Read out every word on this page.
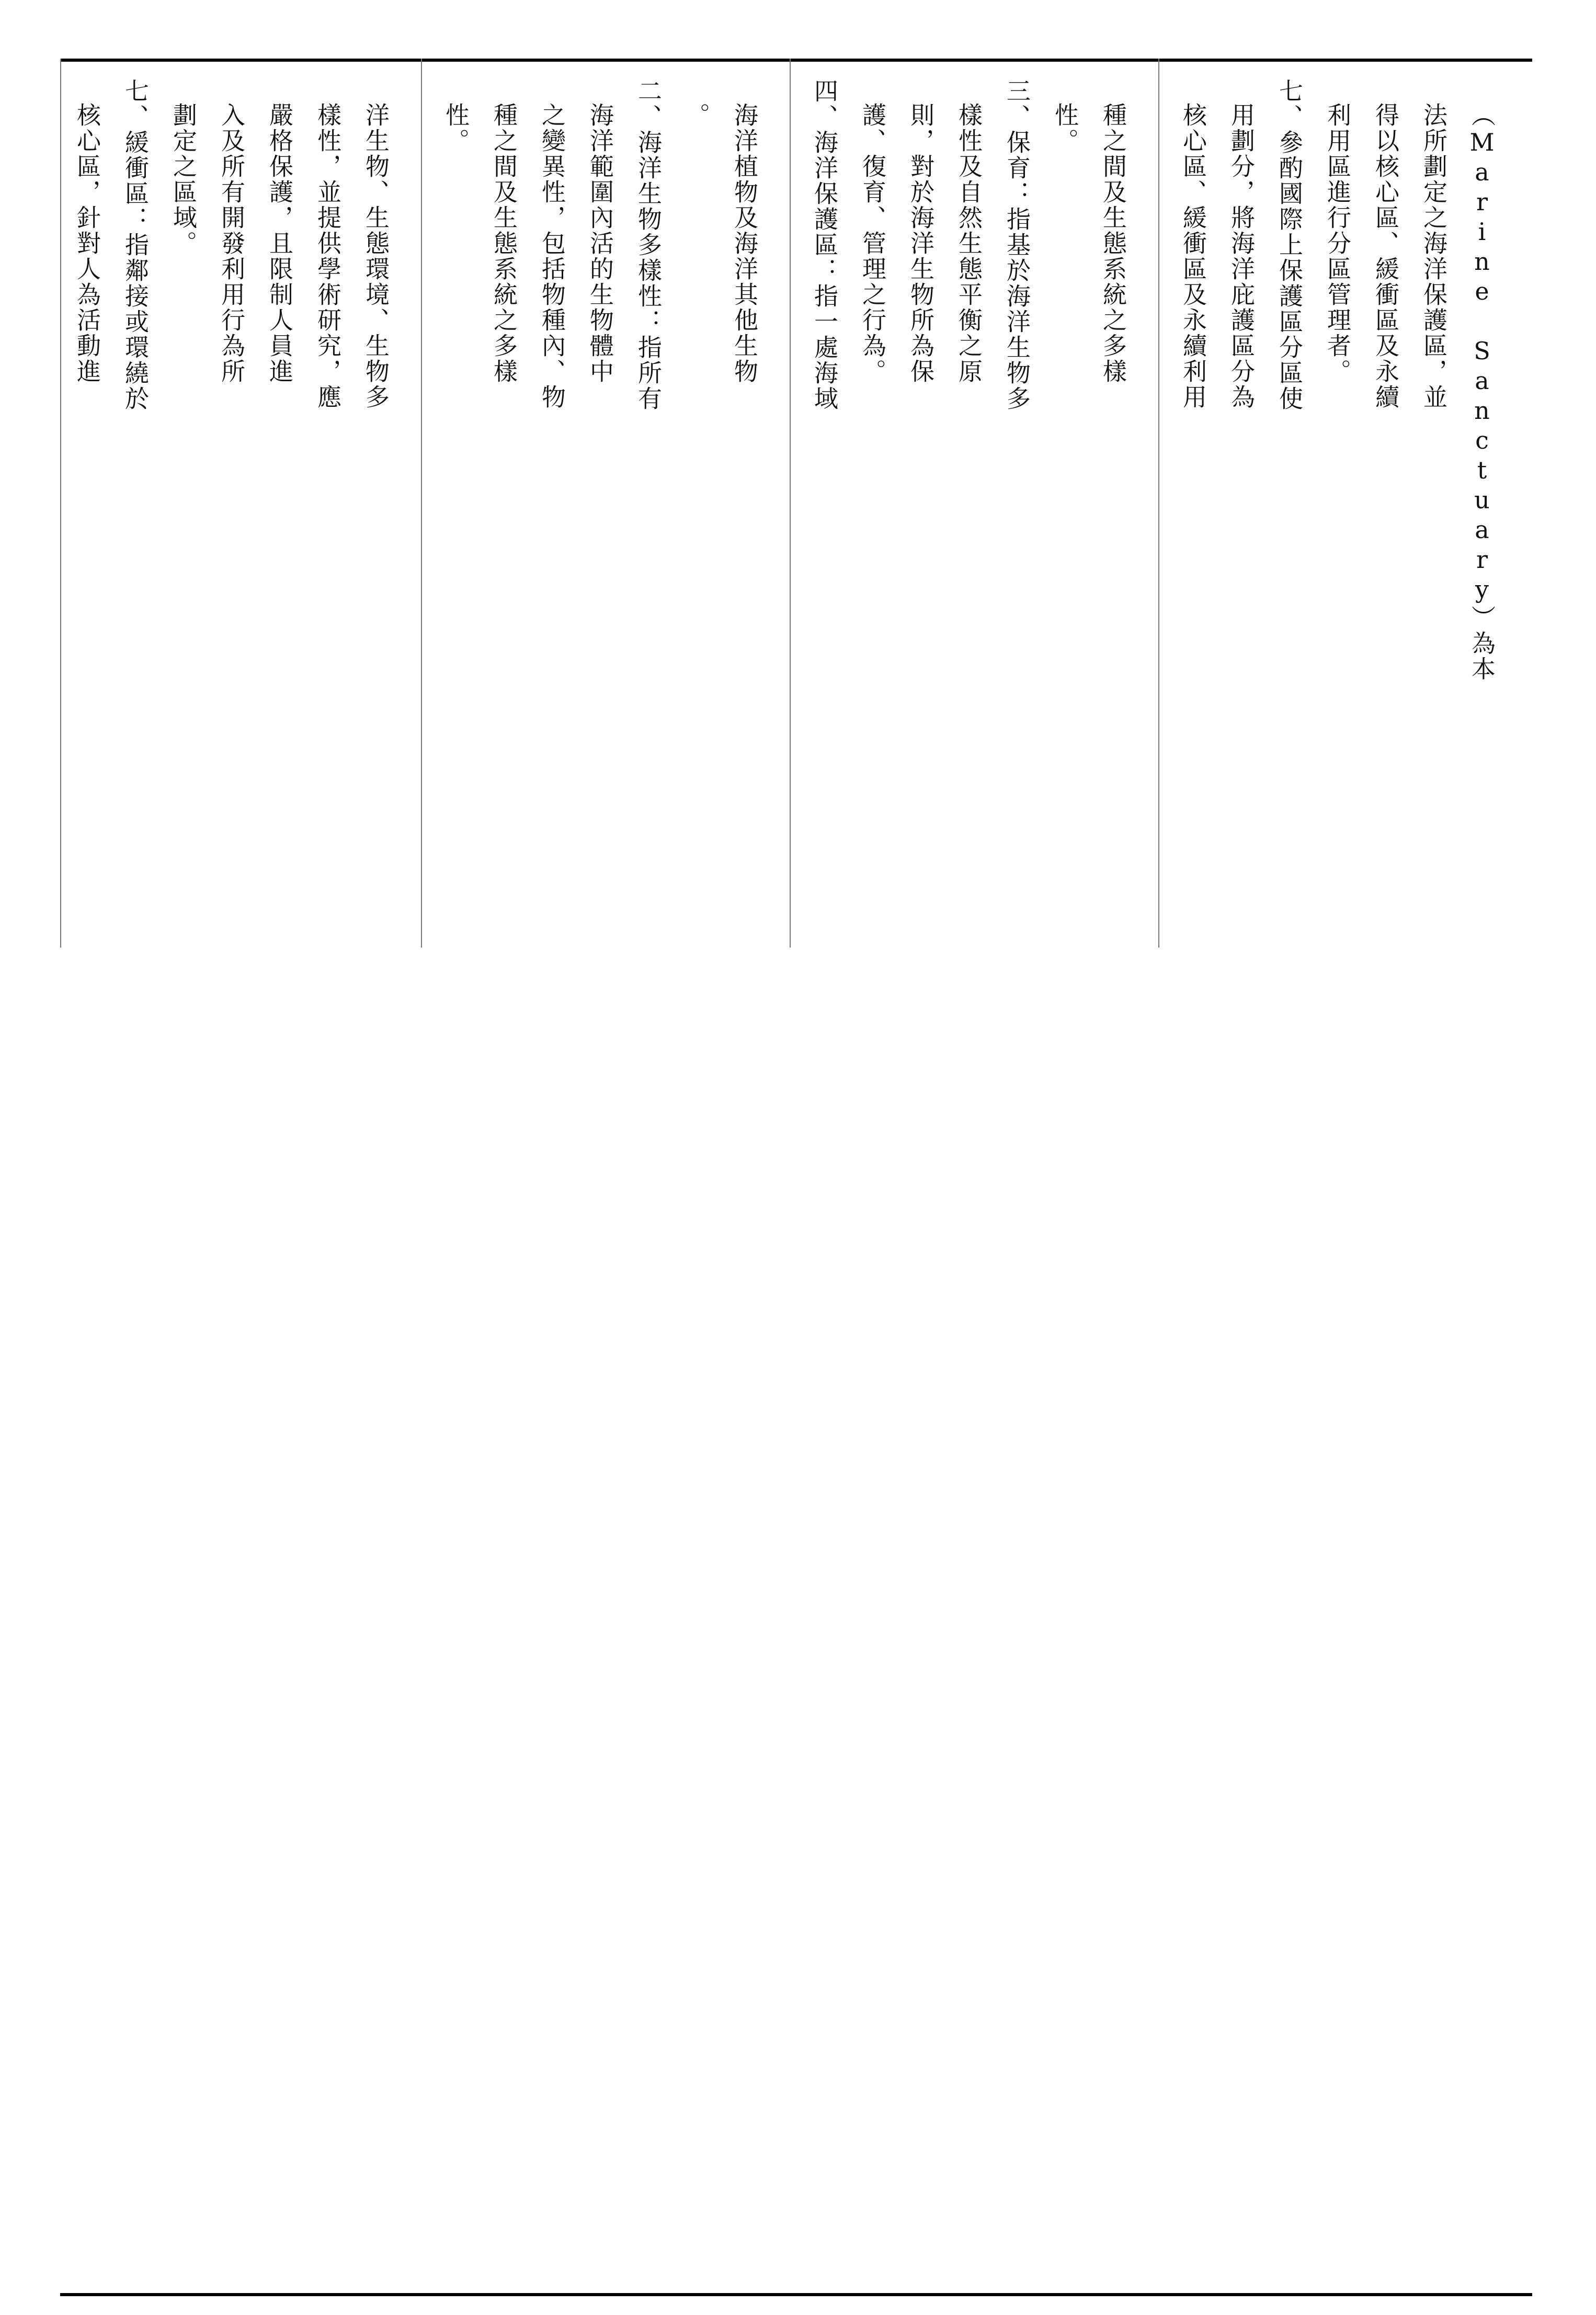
（Marine Sanctuary）為本
法所劃定之海洋保護區，並
得以核心區、緩衝區及永續
利用區進行分區管理者。
七、參酌國際上保護區分區使
用劃分，將海洋庇護區分為
核心區、緩衝區及永續利用
種之間及生態系統之多樣
性。
三、保育：指基於海洋生物多
樣性及自然生態平衡之原
則，對於海洋生物所為保
護、復育、管理之行為。
四、海洋保護區：指一處海域
海洋植物及海洋其他生物
。
二、海洋生物多樣性：指所有
海洋範圍內活的生物體中
之變異性，包括物種內、物
種之間及生態系統之多樣
性。
洋生物、生態環境、生物多
樣性，並提供學術研究，應
嚴格保護，且限制人員進
入及所有開發利用行為所
劃定之區域。
七、緩衝區：指鄰接或環繞於
核心區，針對人為活動進
